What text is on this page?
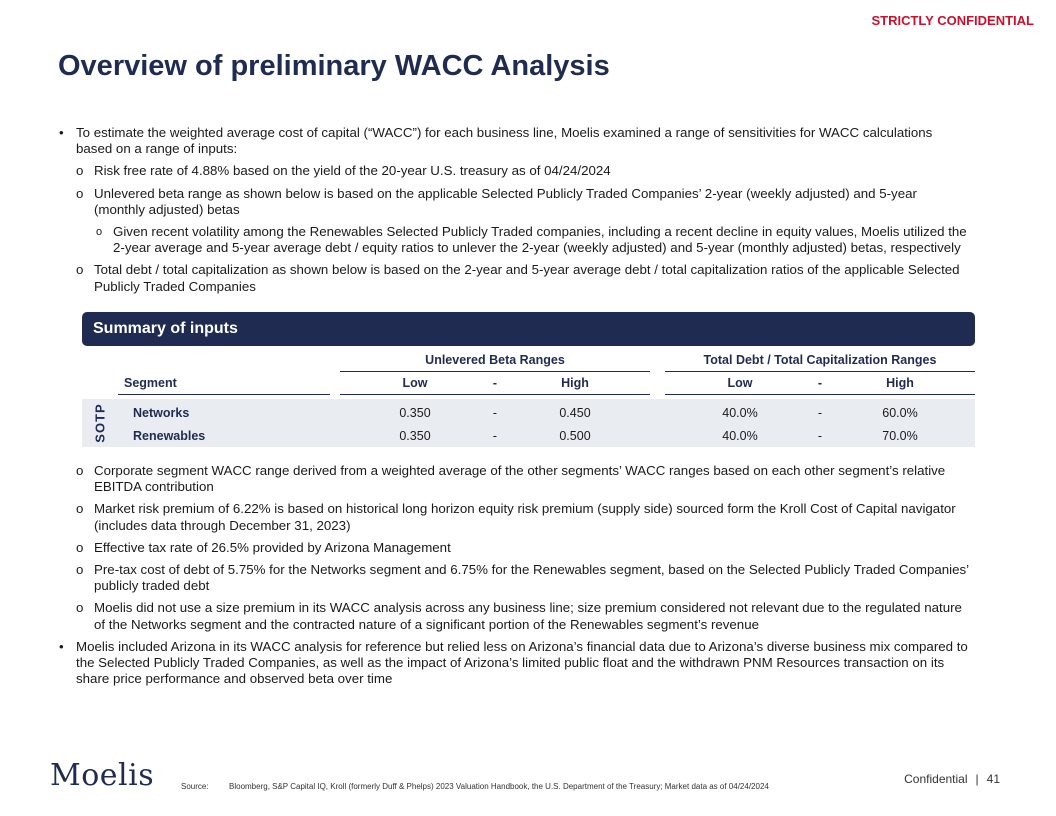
STRICTLY CONFIDENTIAL
Overview of preliminary WACC Analysis
• To estimate the weighted average cost of capital (“WACC”) for each business line, Moelis examined a range of sensitivities for WACC calculations based on a range of inputs:
o Risk free rate of 4.88% based on the yield of the 20-year U.S. treasury as of 04/24/2024
o Unlevered beta range as shown below is based on the applicable Selected Publicly Traded Companies’ 2-year (weekly adjusted) and 5-year (monthly adjusted) betas
o Given recent volatility among the Renewables Selected Publicly Traded companies, including a recent decline in equity values, Moelis utilized the 2-year average and 5-year average debt / equity ratios to unlever the 2-year (weekly adjusted) and 5-year (monthly adjusted) betas, respectively
o Total debt / total capitalization as shown below is based on the 2-year and 5-year average debt / total capitalization ratios of the applicable Selected Publicly Traded Companies
Summary of inputs
Unlevered Beta Ranges	Total Debt / Total Capitalization Ranges
Segment	Low	-	High	Low	-	High
SOTP Networks	0.350	-	0.450	40.0%	-	60.0%
Renewables	0.350	-	0.500	40.0%	-	70.0%
o Corporate segment WACC range derived from a weighted average of the other segments’ WACC ranges based on each other segment’s relative EBITDA contribution
o Market risk premium of 6.22% is based on historical long horizon equity risk premium (supply side) sourced form the Kroll Cost of Capital navigator (includes data through December 31, 2023)
o Effective tax rate of 26.5% provided by Arizona Management
o Pre-tax cost of debt of 5.75% for the Networks segment and 6.75% for the Renewables segment, based on the Selected Publicly Traded Companies’ publicly traded debt
o Moelis did not use a size premium in its WACC analysis across any business line; size premium considered not relevant due to the regulated nature of the Networks segment and the contracted nature of a significant portion of the Renewables segment’s revenue
• Moelis included Arizona in its WACC analysis for reference but relied less on Arizona’s financial data due to Arizona’s diverse business mix compared to the Selected Publicly Traded Companies, as well as the impact of Arizona’s limited public float and the withdrawn PNM Resources transaction on its share price performance and observed beta over time
Moelis	Source:	Bloomberg, S&P Capital IQ, Kroll (formerly Duff & Phelps) 2023 Valuation Handbook, the U.S. Department of the Treasury; Market data as of 04/24/2024
Confidential | 41
